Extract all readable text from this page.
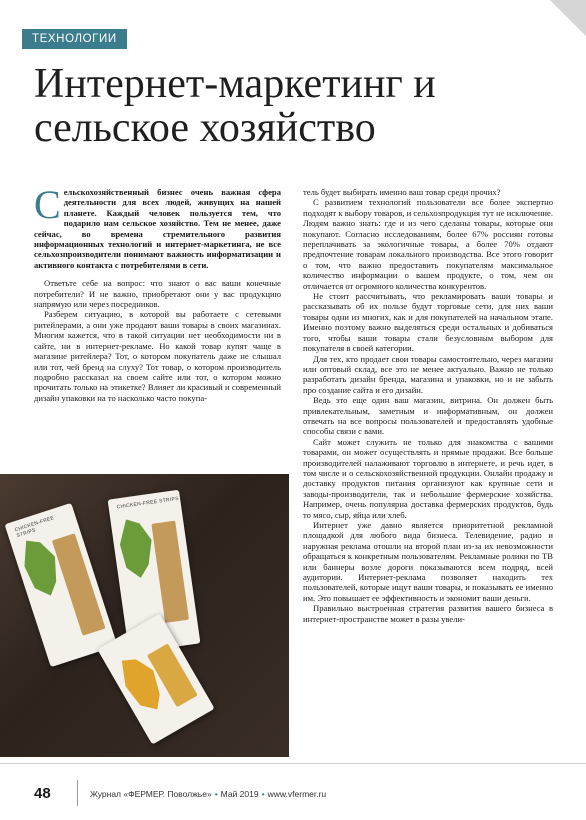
ТЕХНОЛОГИИ
Интернет-маркетинг и сельское хозяйство
Сельскохозяйственный бизнес очень важная сфера деятельности для всех людей, живущих на нашей планете. Каждый человек пользуется тем, что подарило нам сельское хозяйство. Тем не менее, даже сейчас, во времена стремительного развития информационных технологий и интернет-маркетинга, не все сельхозпроизводители понимают важность информатизации и активного контакта с потребителями в сети.

Ответьте себе на вопрос: что знают о вас ваши конечные потребители? И не важно, приобретают они у вас продукцию напрямую или через посредников.

Разберем ситуацию, в которой вы работаете с сетевыми ритейлерами, а они уже продают ваши товары в своих магазинах. Многим кажется, что в такой ситуации нет необходимости ни в сайте, ни в интернет-рекламе. Но какой товар купят чаще в магазине ритейлера? Тот, о котором покупатель даже не слышал или тот, чей бренд на слуху? Тот товар, о котором производитель подробно рассказал на своем сайте или тот, о котором можно прочитать только на этикетке? Влияет ли красивый и современный дизайн упаковки на то насколько часто покупа-

тель будет выбирать именно ваш товар среди прочих?

С развитием технологий пользователи все более экспертно подходят к выбору товаров, и сельхозпродукция тут не исключение. Людям важно знать: где и из чего сделаны товары, которые они покупают. Согласно исследованиям, более 67% россиян готовы переплачивать за экологичные товары, а более 70% отдают предпочтение товарам локального производства. Все этого говорит о том, что важно предоставить покупателям максимальное количество информации о вашем продукте, о том, чем он отличается от огромного количества конкурентов.

Не стоит рассчитывать, что рекламировать ваши товары и рассказывать об их пользе будут торговые сети, для них ваши товары одни из многих, как и для покупателей на начальном этапе. Именно поэтому важно выделяться среди остальных и добиваться того, чтобы ваши товары стали безусловным выбором для покупателя в своей категории.

Для тех, кто продает свои товары самостоятельно, через магазин или оптовый склад, все это не менее актуально. Важно не только разработать дизайн бренда, магазина и упаковки, но и не забыть про создание сайта и его дизайн.

Ведь это еще один ваш магазин, витрина. Он должен быть привлекательным, заметным и информативным, он должен отвечать на все вопросы пользователей и предоставлять удобные способы связи с вами.

Сайт может служить не только для знакомства с вашими товарами, он может осуществлять и прямые продажи. Все больше производителей налаживают торговлю в интернете, и речь идет, в том числе и о сельскохозяйственной продукции. Онлайн продажу и доставку продуктов питания организуют как крупные сети и заводы-производители, так и небольшие фермерские хозяйства. Например, очень популярна доставка фермерских продуктов, будь то мясо, сыр, яйца или хлеб.

Интернет уже давно является приоритетной рекламной площадкой для любого вида бизнеса. Телевидение, радио и наружная реклама отошли на второй план из-за их невозможности обращаться к конкретным пользователям. Рекламные ролики по ТВ или баннеры возле дороги показываются всем подряд, всей аудитории. Интернет-реклама позволяет находить тех пользователей, которые ищут ваши товары, и показывать ее именно им. Это повышает ее эффективность и экономит ваши деньги.

Правильно выстроенная стратегия развития вашего бизнеса в интернет-пространстве может в разы увели-

CHICKEN-FREE STRIPS
CHICKEN-FREE STRIPS
48	Журнал «ФЕРМЕР. Поволжье» • Май 2019 • www.vfermer.ru
